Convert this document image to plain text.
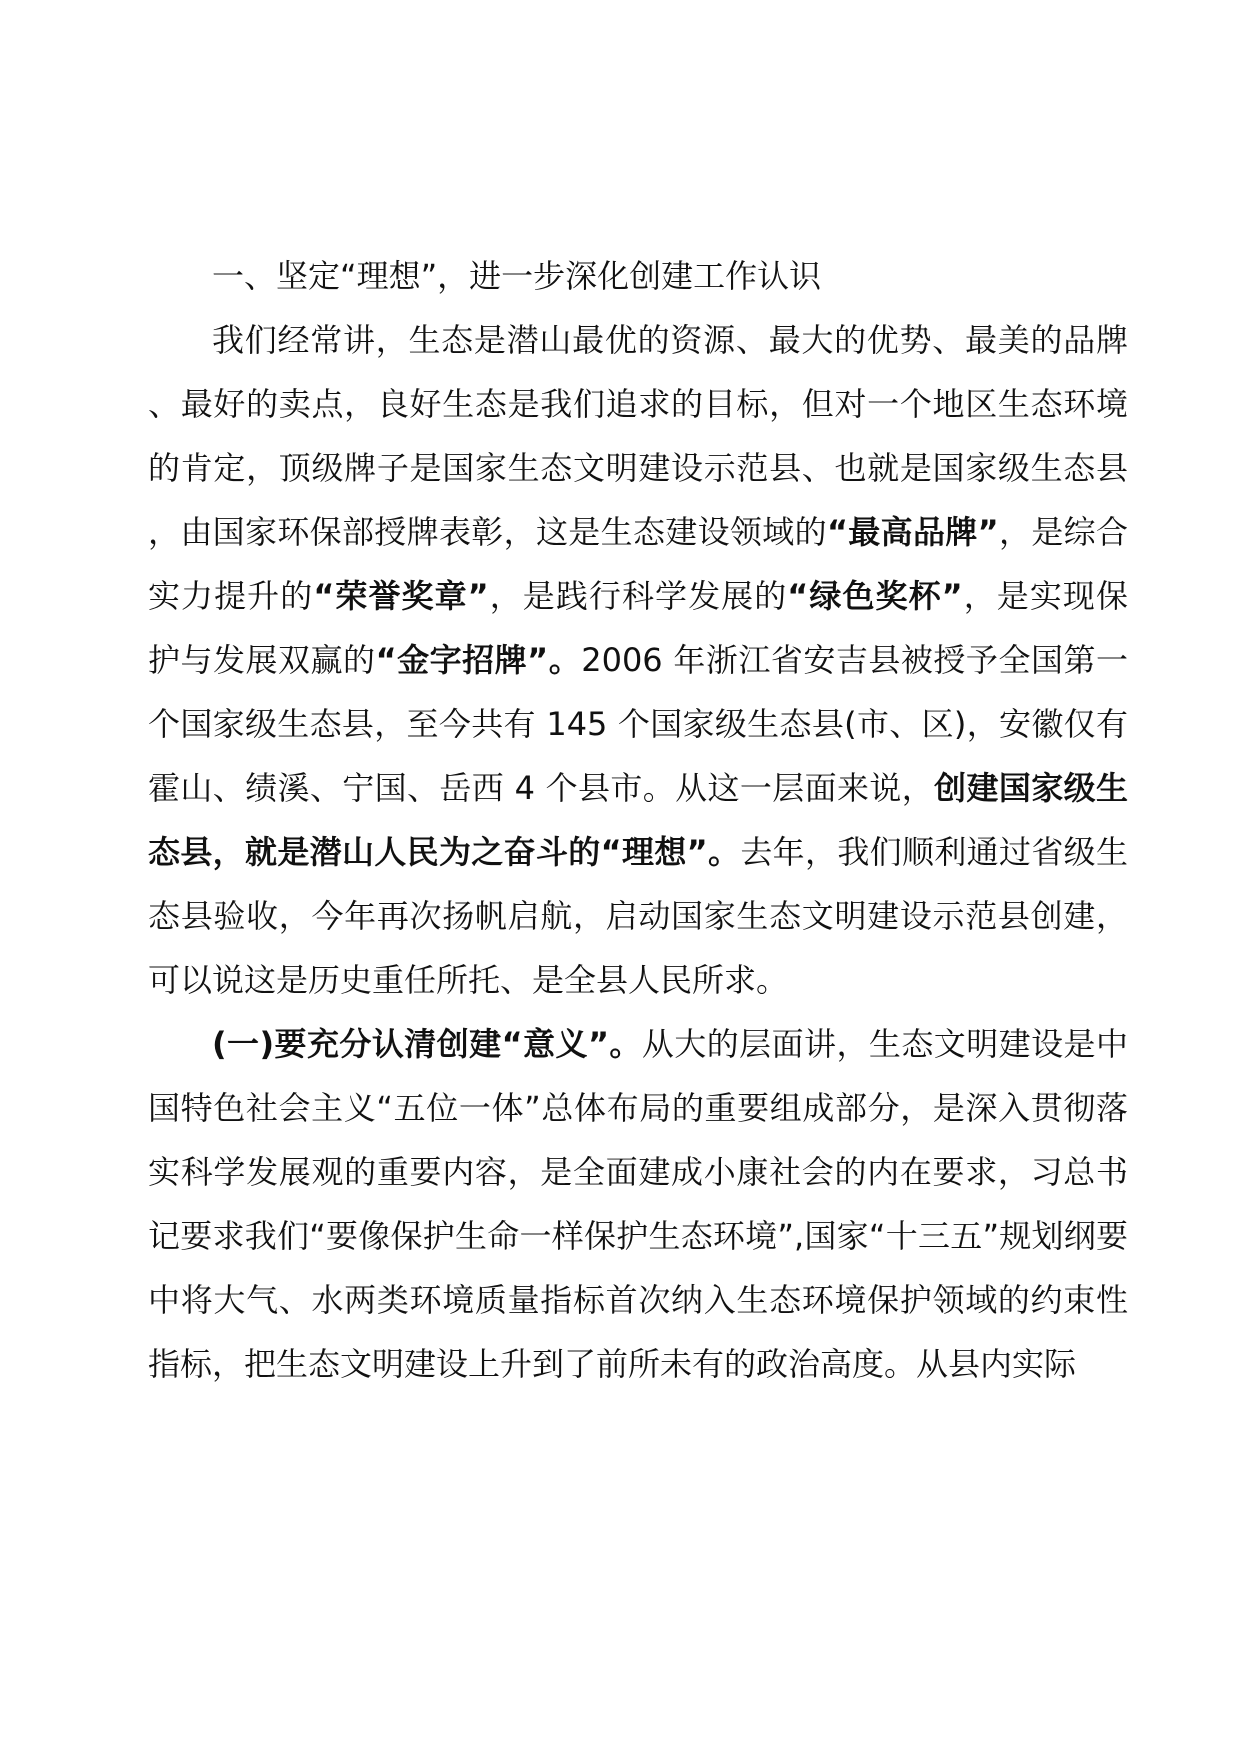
一、坚定“理想”，进一步深化创建工作认识

我们经常讲，生态是潜山最优的资源、最大的优势、最美的品牌、最好的卖点，良好生态是我们追求的目标，但对一个地区生态环境的肯定，顶级牌子是国家生态文明建设示范县、也就是国家级生态县，由国家环保部授牌表彰，这是生态建设领域的“最高品牌”，是综合实力提升的“荣誉奖章”，是践行科学发展的“绿色奖杯”，是实现保护与发展双赢的“金字招牌”。2006 年浙江省安吉县被授予全国第一个国家级生态县，至今共有 145 个国家级生态县(市、区)，安徽仅有霍山、绩溪、宁国、岳西 4 个县市。从这一层面来说，创建国家级生态县，就是潜山人民为之奋斗的“理想”。去年，我们顺利通过省级生态县验收，今年再次扬帆启航，启动国家生态文明建设示范县创建，可以说这是历史重任所托、是全县人民所求。

(一)要充分认清创建“意义”。从大的层面讲，生态文明建设是中国特色社会主义“五位一体”总体布局的重要组成部分，是深入贯彻落实科学发展观的重要内容，是全面建成小康社会的内在要求，习总书记要求我们“要像保护生命一样保护生态环境”,国家“十三五”规划纲要中将大气、水两类环境质量指标首次纳入生态环境保护领域的约束性指标，把生态文明建设上升到了前所未有的政治高度。从县内实际
